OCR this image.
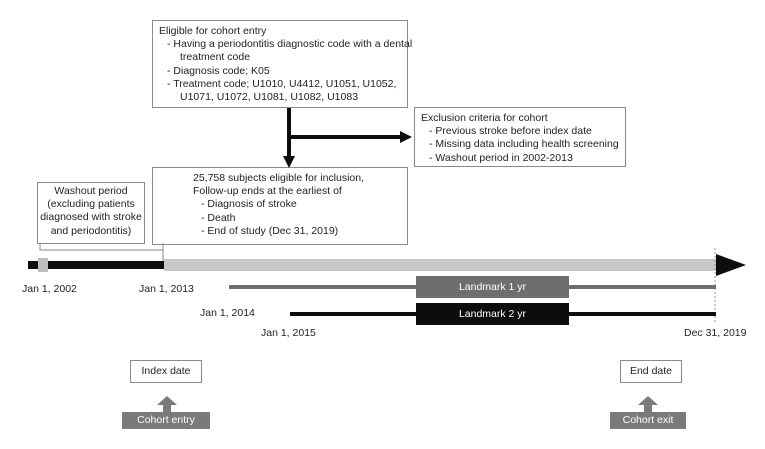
Eligible for cohort entry
- Having a periodontitis diagnostic code with a dental
treatment code
- Diagnosis code; K05
- Treatment code; U1010, U4412, U1051, U1052,
U1071, U1072, U1081, U1082, U1083
Exclusion criteria for cohort
- Previous stroke before index date
- Missing data including health screening
- Washout period in 2002-2013
25,758 subjects eligible for inclusion,
Follow-up ends at the earliest of
- Diagnosis of stroke
- Death
- End of study (Dec 31, 2019)
Washout period
(excluding patients
diagnosed with stroke
and periodontitis)
Landmark 1 yr
Landmark 2 yr
Jan 1, 2002	Jan 1, 2013
Jan 1, 2014
Jan 1, 2015	Dec 31, 2019
Index date	End date
Cohort entry	Cohort exit
